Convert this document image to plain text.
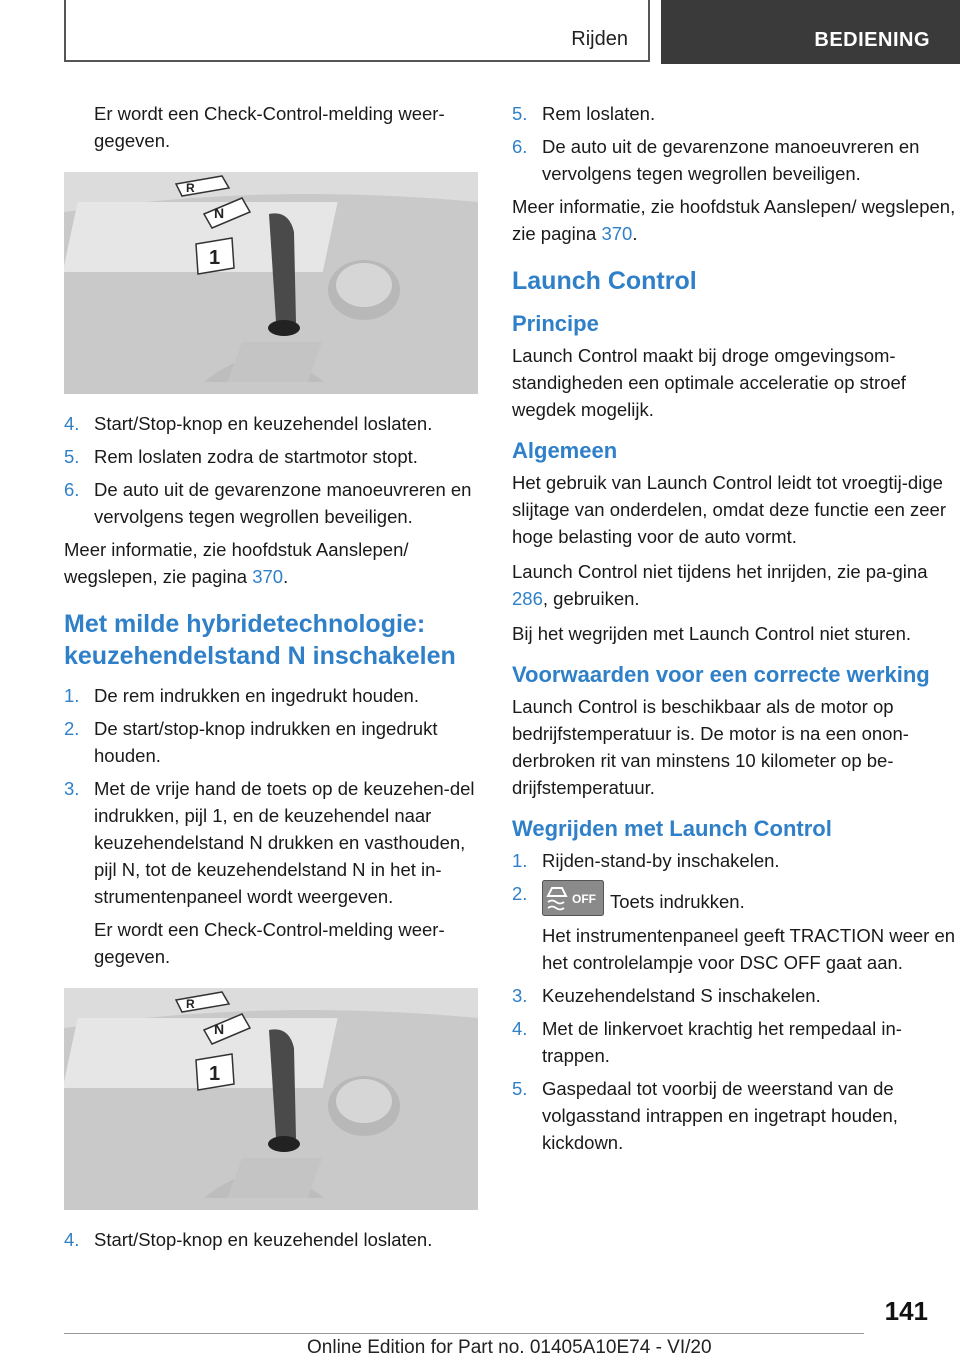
Rijden	BEDIENING

Er wordt een Check-Control-melding weer-gegeven.

R
N
1
4. Start/Stop-knop en keuzehendel loslaten.
5. Rem loslaten zodra de startmotor stopt.
6. De auto uit de gevarenzone manoeuvreren en vervolgens tegen wegrollen beveiligen.

Meer informatie, zie hoofdstuk Aanslepen/ wegslepen, zie pagina 370.

Met milde hybridetechnologie: keuzehendelstand N inschakelen
1. De rem indrukken en ingedrukt houden.
2. De start/stop-knop indrukken en ingedrukt houden.
3. Met de vrije hand de toets op de keuzehen-del indrukken, pijl 1, en de keuzehendel naar keuzehendelstand N drukken en vasthouden, pijl N, tot de keuzehendelstand N in het in-strumentenpaneel wordt weergeven.

Er wordt een Check-Control-melding weer-gegeven.

R
N
1
4. Start/Stop-knop en keuzehendel loslaten.
5. Rem loslaten.
6. De auto uit de gevarenzone manoeuvreren en vervolgens tegen wegrollen beveiligen.

Meer informatie, zie hoofdstuk Aanslepen/ wegslepen, zie pagina 370.

Launch Control
Principe

Launch Control maakt bij droge omgevingsom-standigheden een optimale acceleratie op stroef wegdek mogelijk.

Algemeen

Het gebruik van Launch Control leidt tot vroegtij-dige slijtage van onderdelen, omdat deze functie een zeer hoge belasting voor de auto vormt.

Launch Control niet tijdens het inrijden, zie pa-gina 286, gebruiken.

Bij het wegrijden met Launch Control niet sturen.

Voorwaarden voor een correcte werking

Launch Control is beschikbaar als de motor op bedrijfstemperatuur is. De motor is na een onon-derbroken rit van minstens 10 kilometer op be-drijfstemperatuur.

Wegrijden met Launch Control
1. Rijden-stand-by inschakelen.
2.	OFF Toets indrukken.

Het instrumentenpaneel geeft TRACTION weer en het controlelampje voor DSC OFF gaat aan.

3. Keuzehendelstand S inschakelen.
4. Met de linkervoet krachtig het rempedaal in-trappen.
5. Gaspedaal tot voorbij de weerstand van de volgasstand intrappen en ingetrapt houden, kickdown.
141
Online Edition for Part no. 01405A10E74 - VI/20
